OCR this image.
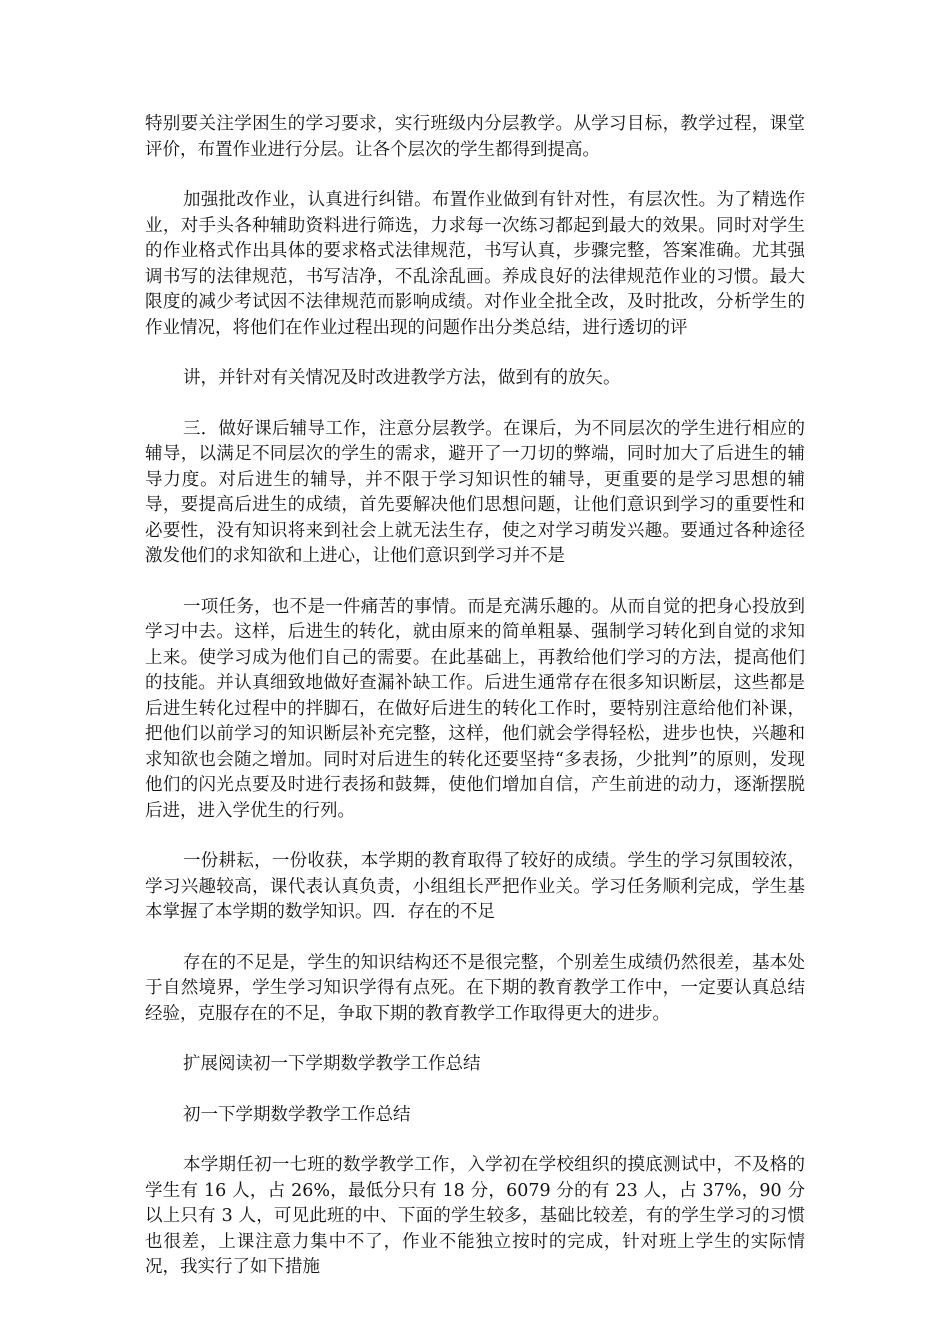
特别要关注学困生的学习要求，实行班级内分层教学。从学习目标，教学过程，课堂评价，布置作业进行分层。让各个层次的学生都得到提高。

加强批改作业，认真进行纠错。布置作业做到有针对性，有层次性。为了精选作业，对手头各种辅助资料进行筛选，力求每一次练习都起到最大的效果。同时对学生的作业格式作出具体的要求格式法律规范，书写认真，步骤完整，答案准确。尤其强调书写的法律规范，书写洁净，不乱涂乱画。养成良好的法律规范作业的习惯。最大限度的减少考试因不法律规范而影响成绩。对作业全批全改，及时批改，分析学生的作业情况，将他们在作业过程出现的问题作出分类总结，进行透切的评

讲，并针对有关情况及时改进教学方法，做到有的放矢。

三．做好课后辅导工作，注意分层教学。在课后，为不同层次的学生进行相应的辅导，以满足不同层次的学生的需求，避开了一刀切的弊端，同时加大了后进生的辅导力度。对后进生的辅导，并不限于学习知识性的辅导，更重要的是学习思想的辅导，要提高后进生的成绩，首先要解决他们思想问题，让他们意识到学习的重要性和必要性，没有知识将来到社会上就无法生存，使之对学习萌发兴趣。要通过各种途径激发他们的求知欲和上进心，让他们意识到学习并不是

一项任务，也不是一件痛苦的事情。而是充满乐趣的。从而自觉的把身心投放到学习中去。这样，后进生的转化，就由原来的简单粗暴、强制学习转化到自觉的求知上来。使学习成为他们自己的需要。在此基础上，再教给他们学习的方法，提高他们的技能。并认真细致地做好查漏补缺工作。后进生通常存在很多知识断层，这些都是后进生转化过程中的拌脚石，在做好后进生的转化工作时，要特别注意给他们补课，把他们以前学习的知识断层补充完整，这样，他们就会学得轻松，进步也快，兴趣和求知欲也会随之增加。同时对后进生的转化还要坚持“多表扬，少批判”的原则，发现他们的闪光点要及时进行表扬和鼓舞，使他们增加自信，产生前进的动力，逐渐摆脱后进，进入学优生的行列。

一份耕耘，一份收获，本学期的教育取得了较好的成绩。学生的学习氛围较浓，学习兴趣较高，课代表认真负责，小组组长严把作业关。学习任务顺利完成，学生基本掌握了本学期的数学知识。四．存在的不足

存在的不足是，学生的知识结构还不是很完整，个别差生成绩仍然很差，基本处于自然境界，学生学习知识学得有点死。在下期的教育教学工作中，一定要认真总结经验，克服存在的不足，争取下期的教育教学工作取得更大的进步。

扩展阅读初一下学期数学教学工作总结

初一下学期数学教学工作总结

本学期任初一七班的数学教学工作，入学初在学校组织的摸底测试中，不及格的学生有 16 人，占 26%，最低分只有 18 分，6079 分的有 23 人，占 37%，90 分以上只有 3 人，可见此班的中、下面的学生较多，基础比较差，有的学生学习的习惯也很差，上课注意力集中不了，作业不能独立按时的完成，针对班上学生的实际情况，我实行了如下措施
